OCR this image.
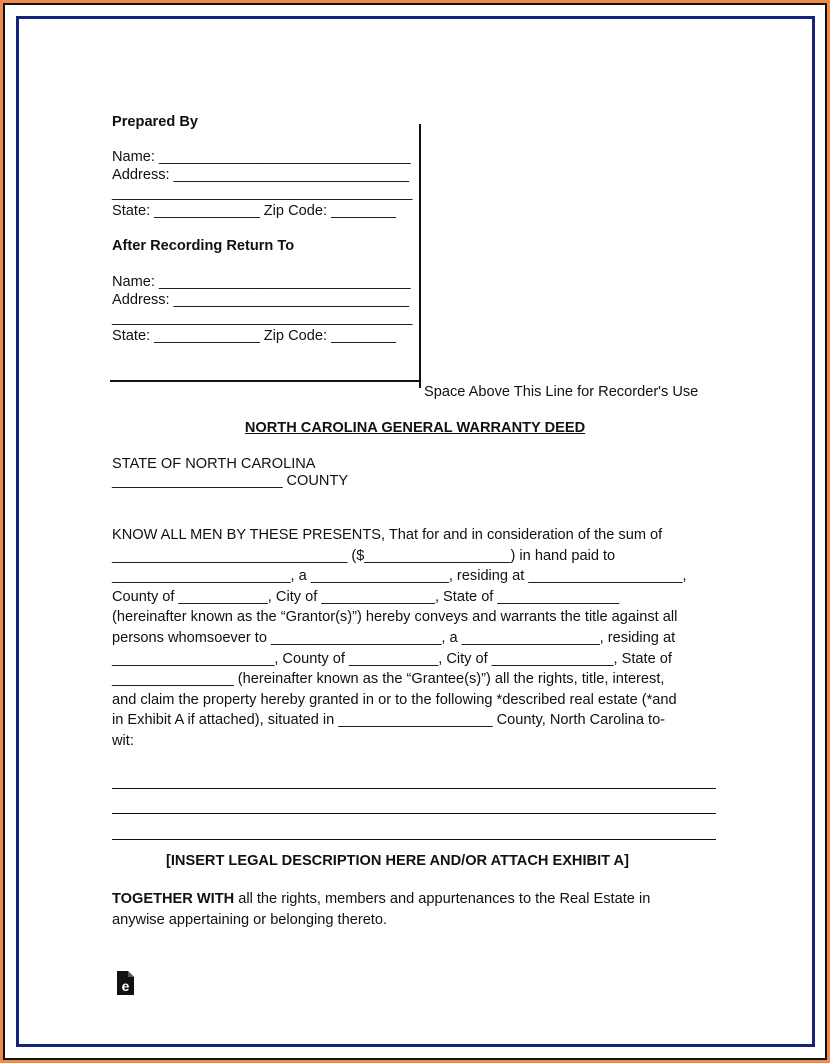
Prepared By
Name: _______________________________
Address: _____________________________
_____________________________________
State: _____________ Zip Code: ________
After Recording Return To
Name: _______________________________
Address: _____________________________
_____________________________________
State: _____________ Zip Code: ________
Space Above This Line for Recorder's Use
NORTH CAROLINA GENERAL WARRANTY DEED
STATE OF NORTH CAROLINA
_____________________ COUNTY
KNOW ALL MEN BY THESE PRESENTS, That for and in consideration of the sum of
_____________________________ ($__________________) in hand paid to
______________________, a _________________, residing at ___________________,
County of ___________, City of ______________, State of _______________
(hereinafter known as the “Grantor(s)”) hereby conveys and warrants the title against all
persons whomsoever to _____________________, a _________________, residing at
____________________, County of ___________, City of _______________, State of
_______________ (hereinafter known as the “Grantee(s)”) all the rights, title, interest,
and claim the property hereby granted in or to the following *described real estate (*and
in Exhibit A if attached), situated in ___________________ County, North Carolina to-
wit:
[INSERT LEGAL DESCRIPTION HERE AND/OR ATTACH EXHIBIT A]
TOGETHER WITH all the rights, members and appurtenances to the Real Estate in
anywise appertaining or belonging thereto.
e
